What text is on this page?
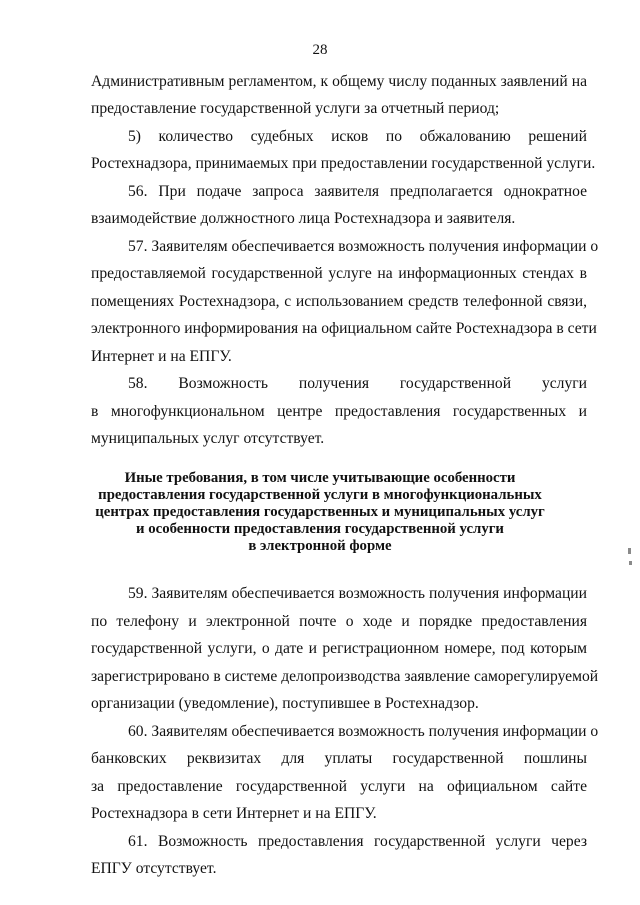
28
Административным регламентом, к общему числу поданных заявлений на
предоставление государственной услуги за отчетный период;
5) количество судебных исков по обжалованию решений
Ростехнадзора, принимаемых при предоставлении государственной услуги.
56. При подаче запроса заявителя предполагается однократное
взаимодействие должностного лица Ростехнадзора и заявителя.
57. Заявителям обеспечивается возможность получения информации о
предоставляемой государственной услуге на информационных стендах в
помещениях Ростехнадзора, с использованием средств телефонной связи,
электронного информирования на официальном сайте Ростехнадзора в сети
Интернет и на ЕПГУ.
58. Возможность получения государственной услуги
в многофункциональном центре предоставления государственных и
муниципальных услуг отсутствует.
Иные требования, в том числе учитывающие особенности
предоставления государственной услуги в многофункциональных
центрах предоставления государственных и муниципальных услуг
и особенности предоставления государственной услуги
в электронной форме
59. Заявителям обеспечивается возможность получения информации
по телефону и электронной почте о ходе и порядке предоставления
государственной услуги, о дате и регистрационном номере, под которым
зарегистрировано в системе делопроизводства заявление саморегулируемой
организации (уведомление), поступившее в Ростехнадзор.
60. Заявителям обеспечивается возможность получения информации о
банковских реквизитах для уплаты государственной пошлины
за предоставление государственной услуги на официальном сайте
Ростехнадзора в сети Интернет и на ЕПГУ.
61. Возможность предоставления государственной услуги через
ЕПГУ отсутствует.
